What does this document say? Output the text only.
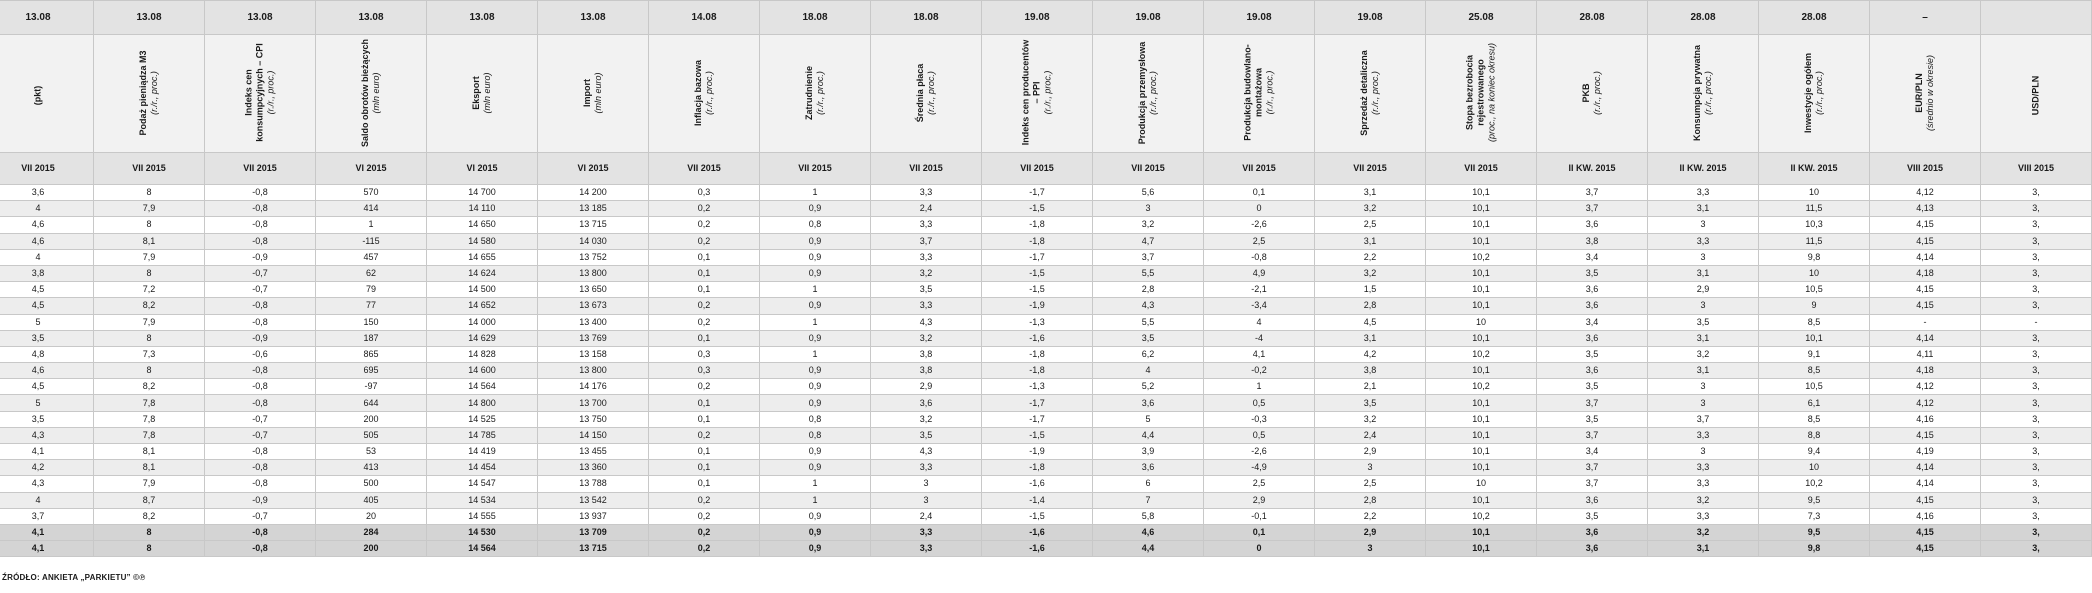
13.08	13.08	13.08	13.08	13.08	13.08	14.08	18.08	18.08	19.08	19.08	19.08	19.08	25.08	28.08	28.08	28.08	–	

(pkt)	Podaż pieniądza M3 (r./r., proc.)	Indeks cen konsumpcyjnych – CPI (r./r., proc.)	Saldo obrotów bieżących (mln euro)	Eksport (mln euro)	Import (mln euro)	Inflacja bazowa (r./r., proc.)	Zatrudnienie (r./r., proc.)	Średnia płaca (r./r., proc.)	Indeks cen producentów – PPI (r./r., proc.)	Produkcja przemysłowa (r./r., proc.)	Produkcja budowlano-montażowa (r./r., proc.)	Sprzedaż detaliczna (r./r., proc.)	Stopa bezrobocia rejestrowanego (proc., na koniec okresu)	PKB (r./r., proc.)	Konsumpcja prywatna (r./r., proc.)	Inwestycje ogółem (r./r., proc.)	EUR/PLN (średnio w okresie)	USD/PLN

VII 2015	VII 2015	VII 2015	VI 2015	VI 2015	VI 2015	VII 2015	VII 2015	VII 2015	VII 2015	VII 2015	VII 2015	VII 2015	VII 2015	II KW. 2015	II KW. 2015	II KW. 2015	VIII 2015	VIII 2015
3,6	8	-0,8	570	14 700	14 200	0,3	1	3,3	-1,7	5,6	0,1	3,1	10,1	3,7	3,3	10	4,12	3,
4	7,9	-0,8	414	14 110	13 185	0,2	0,9	2,4	-1,5	3	0	3,2	10,1	3,7	3,1	11,5	4,13	3,
4,6	8	-0,8	1	14 650	13 715	0,2	0,8	3,3	-1,8	3,2	-2,6	2,5	10,1	3,6	3	10,3	4,15	3,
4,6	8,1	-0,8	-115	14 580	14 030	0,2	0,9	3,7	-1,8	4,7	2,5	3,1	10,1	3,8	3,3	11,5	4,15	3,
4	7,9	-0,9	457	14 655	13 752	0,1	0,9	3,3	-1,7	3,7	-0,8	2,2	10,2	3,4	3	9,8	4,14	3,
3,8	8	-0,7	62	14 624	13 800	0,1	0,9	3,2	-1,5	5,5	4,9	3,2	10,1	3,5	3,1	10	4,18	3,
4,5	7,2	-0,7	79	14 500	13 650	0,1	1	3,5	-1,5	2,8	-2,1	1,5	10,1	3,6	2,9	10,5	4,15	3,
4,5	8,2	-0,8	77	14 652	13 673	0,2	0,9	3,3	-1,9	4,3	-3,4	2,8	10,1	3,6	3	9	4,15	3,
5	7,9	-0,8	150	14 000	13 400	0,2	1	4,3	-1,3	5,5	4	4,5	10	3,4	3,5	8,5	-	-
3,5	8	-0,9	187	14 629	13 769	0,1	0,9	3,2	-1,6	3,5	-4	3,1	10,1	3,6	3,1	10,1	4,14	3,
4,8	7,3	-0,6	865	14 828	13 158	0,3	1	3,8	-1,8	6,2	4,1	4,2	10,2	3,5	3,2	9,1	4,11	3,
4,6	8	-0,8	695	14 600	13 800	0,3	0,9	3,8	-1,8	4	-0,2	3,8	10,1	3,6	3,1	8,5	4,18	3,
4,5	8,2	-0,8	-97	14 564	14 176	0,2	0,9	2,9	-1,3	5,2	1	2,1	10,2	3,5	3	10,5	4,12	3,
5	7,8	-0,8	644	14 800	13 700	0,1	0,9	3,6	-1,7	3,6	0,5	3,5	10,1	3,7	3	6,1	4,12	3,
3,5	7,8	-0,7	200	14 525	13 750	0,1	0,8	3,2	-1,7	5	-0,3	3,2	10,1	3,5	3,7	8,5	4,16	3,
4,3	7,8	-0,7	505	14 785	14 150	0,2	0,8	3,5	-1,5	4,4	0,5	2,4	10,1	3,7	3,3	8,8	4,15	3,
4,1	8,1	-0,8	53	14 419	13 455	0,1	0,9	4,3	-1,9	3,9	-2,6	2,9	10,1	3,4	3	9,4	4,19	3,
4,2	8,1	-0,8	413	14 454	13 360	0,1	0,9	3,3	-1,8	3,6	-4,9	3	10,1	3,7	3,3	10	4,14	3,
4,3	7,9	-0,8	500	14 547	13 788	0,1	1	3	-1,6	6	2,5	2,5	10	3,7	3,3	10,2	4,14	3,
4	8,7	-0,9	405	14 534	13 542	0,2	1	3	-1,4	7	2,9	2,8	10,1	3,6	3,2	9,5	4,15	3,
3,7	8,2	-0,7	20	14 555	13 937	0,2	0,9	2,4	-1,5	5,8	-0,1	2,2	10,2	3,5	3,3	7,3	4,16	3,
4,1	8	-0,8	284	14 530	13 709	0,2	0,9	3,3	-1,6	4,6	0,1	2,9	10,1	3,6	3,2	9,5	4,15	3,
4,1	8	-0,8	200	14 564	13 715	0,2	0,9	3,3	-1,6	4,4	0	3	10,1	3,6	3,1	9,8	4,15	3,
ŹRÓDŁO: ANKIETA „PARKIETU” ©℗
